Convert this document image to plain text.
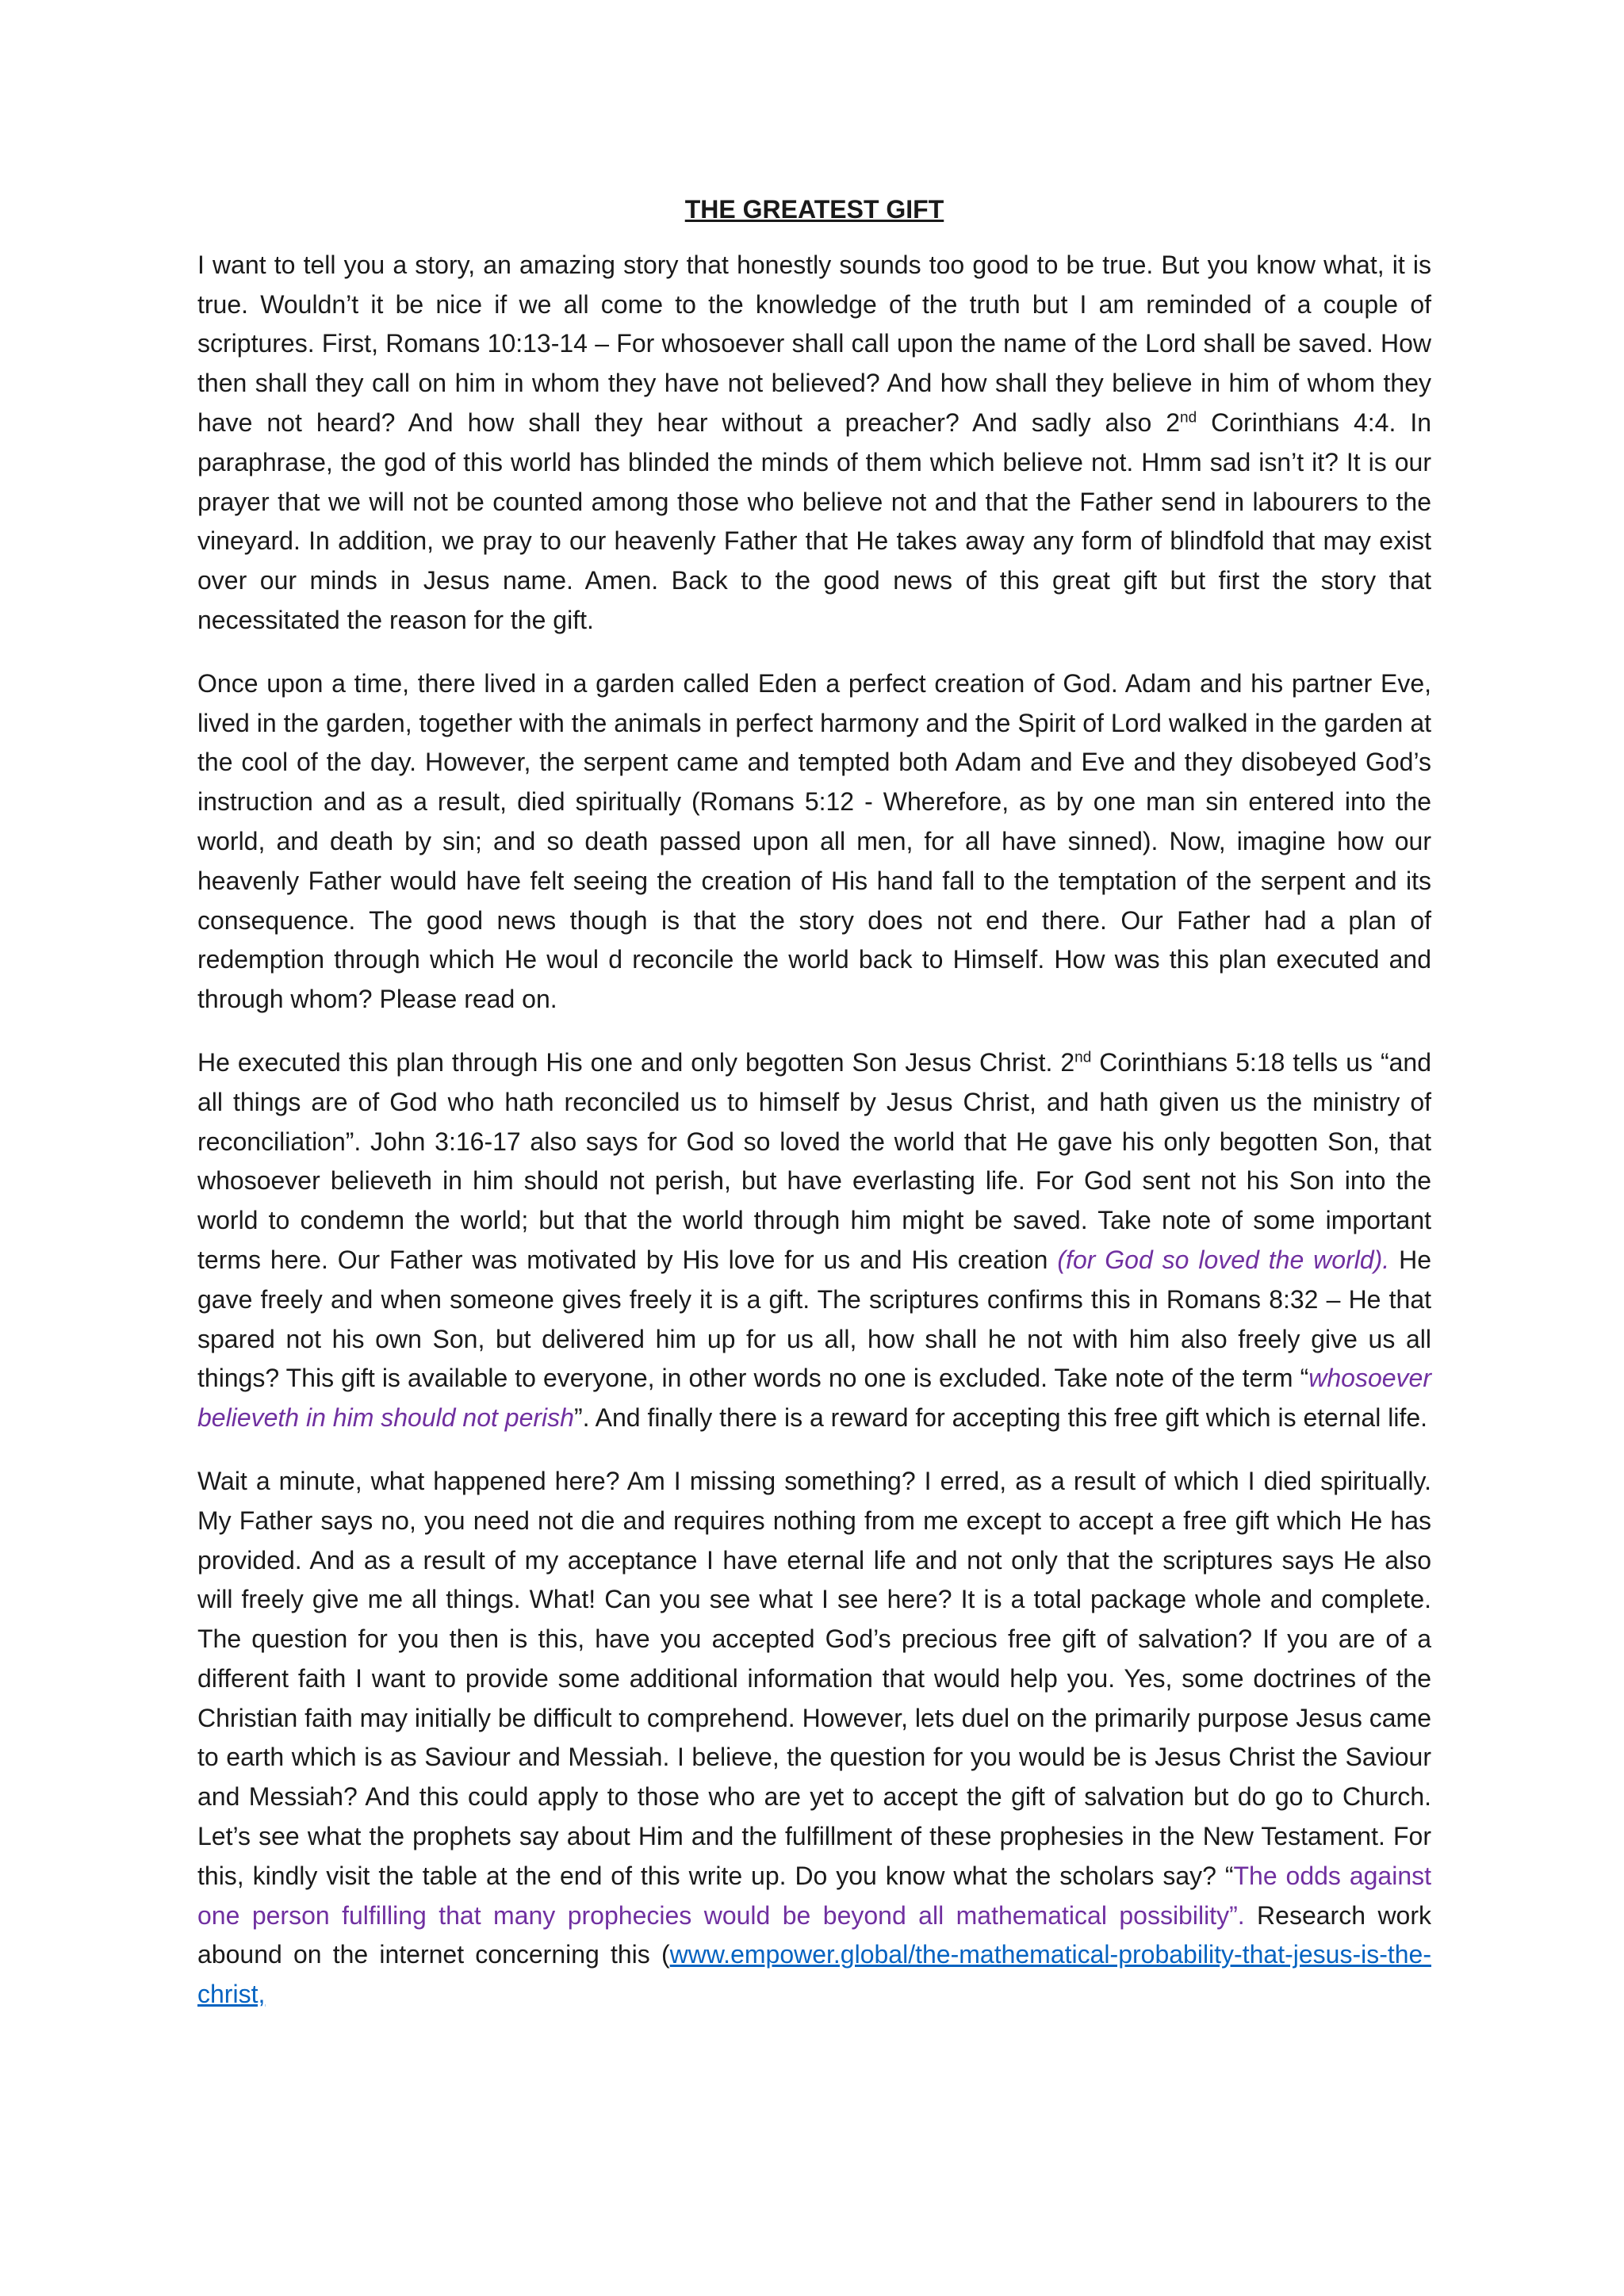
THE GREATEST GIFT

I want to tell you a story, an amazing story that honestly sounds too good to be true. But you know what, it is true. Wouldn’t it be nice if we all come to the knowledge of the truth but I am reminded of a couple of scriptures. First, Romans 10:13-14 – For whosoever shall call upon the name of the Lord shall be saved. How then shall they call on him in whom they have not believed? And how shall they believe in him of whom they have not heard? And how shall they hear without a preacher? And sadly also 2nd Corinthians 4:4. In paraphrase, the god of this world has blinded the minds of them which believe not. Hmm sad isn’t it? It is our prayer that we will not be counted among those who believe not and that the Father send in labourers to the vineyard. In addition, we pray to our heavenly Father that He takes away any form of blindfold that may exist over our minds in Jesus name. Amen. Back to the good news of this great gift but first the story that necessitated the reason for the gift.

Once upon a time, there lived in a garden called Eden a perfect creation of God. Adam and his partner Eve, lived in the garden, together with the animals in perfect harmony and the Spirit of Lord walked in the garden at the cool of the day. However, the serpent came and tempted both Adam and Eve and they disobeyed God’s instruction and as a result, died spiritually (Romans 5:12 - Wherefore, as by one man sin entered into the world, and death by sin; and so death passed upon all men, for all have sinned). Now, imagine how our heavenly Father would have felt seeing the creation of His hand fall to the temptation of the serpent and its consequence. The good news though is that the story does not end there. Our Father had a plan of redemption through which He woul d reconcile the world back to Himself. How was this plan executed and through whom? Please read on.

He executed this plan through His one and only begotten Son Jesus Christ. 2nd Corinthians 5:18 tells us “and all things are of God who hath reconciled us to himself by Jesus Christ, and hath given us the ministry of reconciliation”. John 3:16-17 also says for God so loved the world that He gave his only begotten Son, that whosoever believeth in him should not perish, but have everlasting life. For God sent not his Son into the world to condemn the world; but that the world through him might be saved. Take note of some important terms here. Our Father was motivated by His love for us and His creation (for God so loved the world). He gave freely and when someone gives freely it is a gift. The scriptures confirms this in Romans 8:32 – He that spared not his own Son, but delivered him up for us all, how shall he not with him also freely give us all things? This gift is available to everyone, in other words no one is excluded. Take note of the term “whosoever believeth in him should not perish”. And finally there is a reward for accepting this free gift which is eternal life.

Wait a minute, what happened here? Am I missing something? I erred, as a result of which I died spiritually. My Father says no, you need not die and requires nothing from me except to accept a free gift which He has provided. And as a result of my acceptance I have eternal life and not only that the scriptures says He also will freely give me all things. What! Can you see what I see here? It is a total package whole and complete. The question for you then is this, have you accepted God’s precious free gift of salvation? If you are of a different faith I want to provide some additional information that would help you. Yes, some doctrines of the Christian faith may initially be difficult to comprehend. However, lets duel on the primarily purpose Jesus came to earth which is as Saviour and Messiah. I believe, the question for you would be is Jesus Christ the Saviour and Messiah? And this could apply to those who are yet to accept the gift of salvation but do go to Church. Let’s see what the prophets say about Him and the fulfillment of these prophesies in the New Testament. For this, kindly visit the table at the end of this write up. Do you know what the scholars say? “The odds against one person fulfilling that many prophecies would be beyond all mathematical possibility”. Research work abound on the internet concerning this (www.empower.global/the-mathematical-probability-that-jesus-is-the-christ,
